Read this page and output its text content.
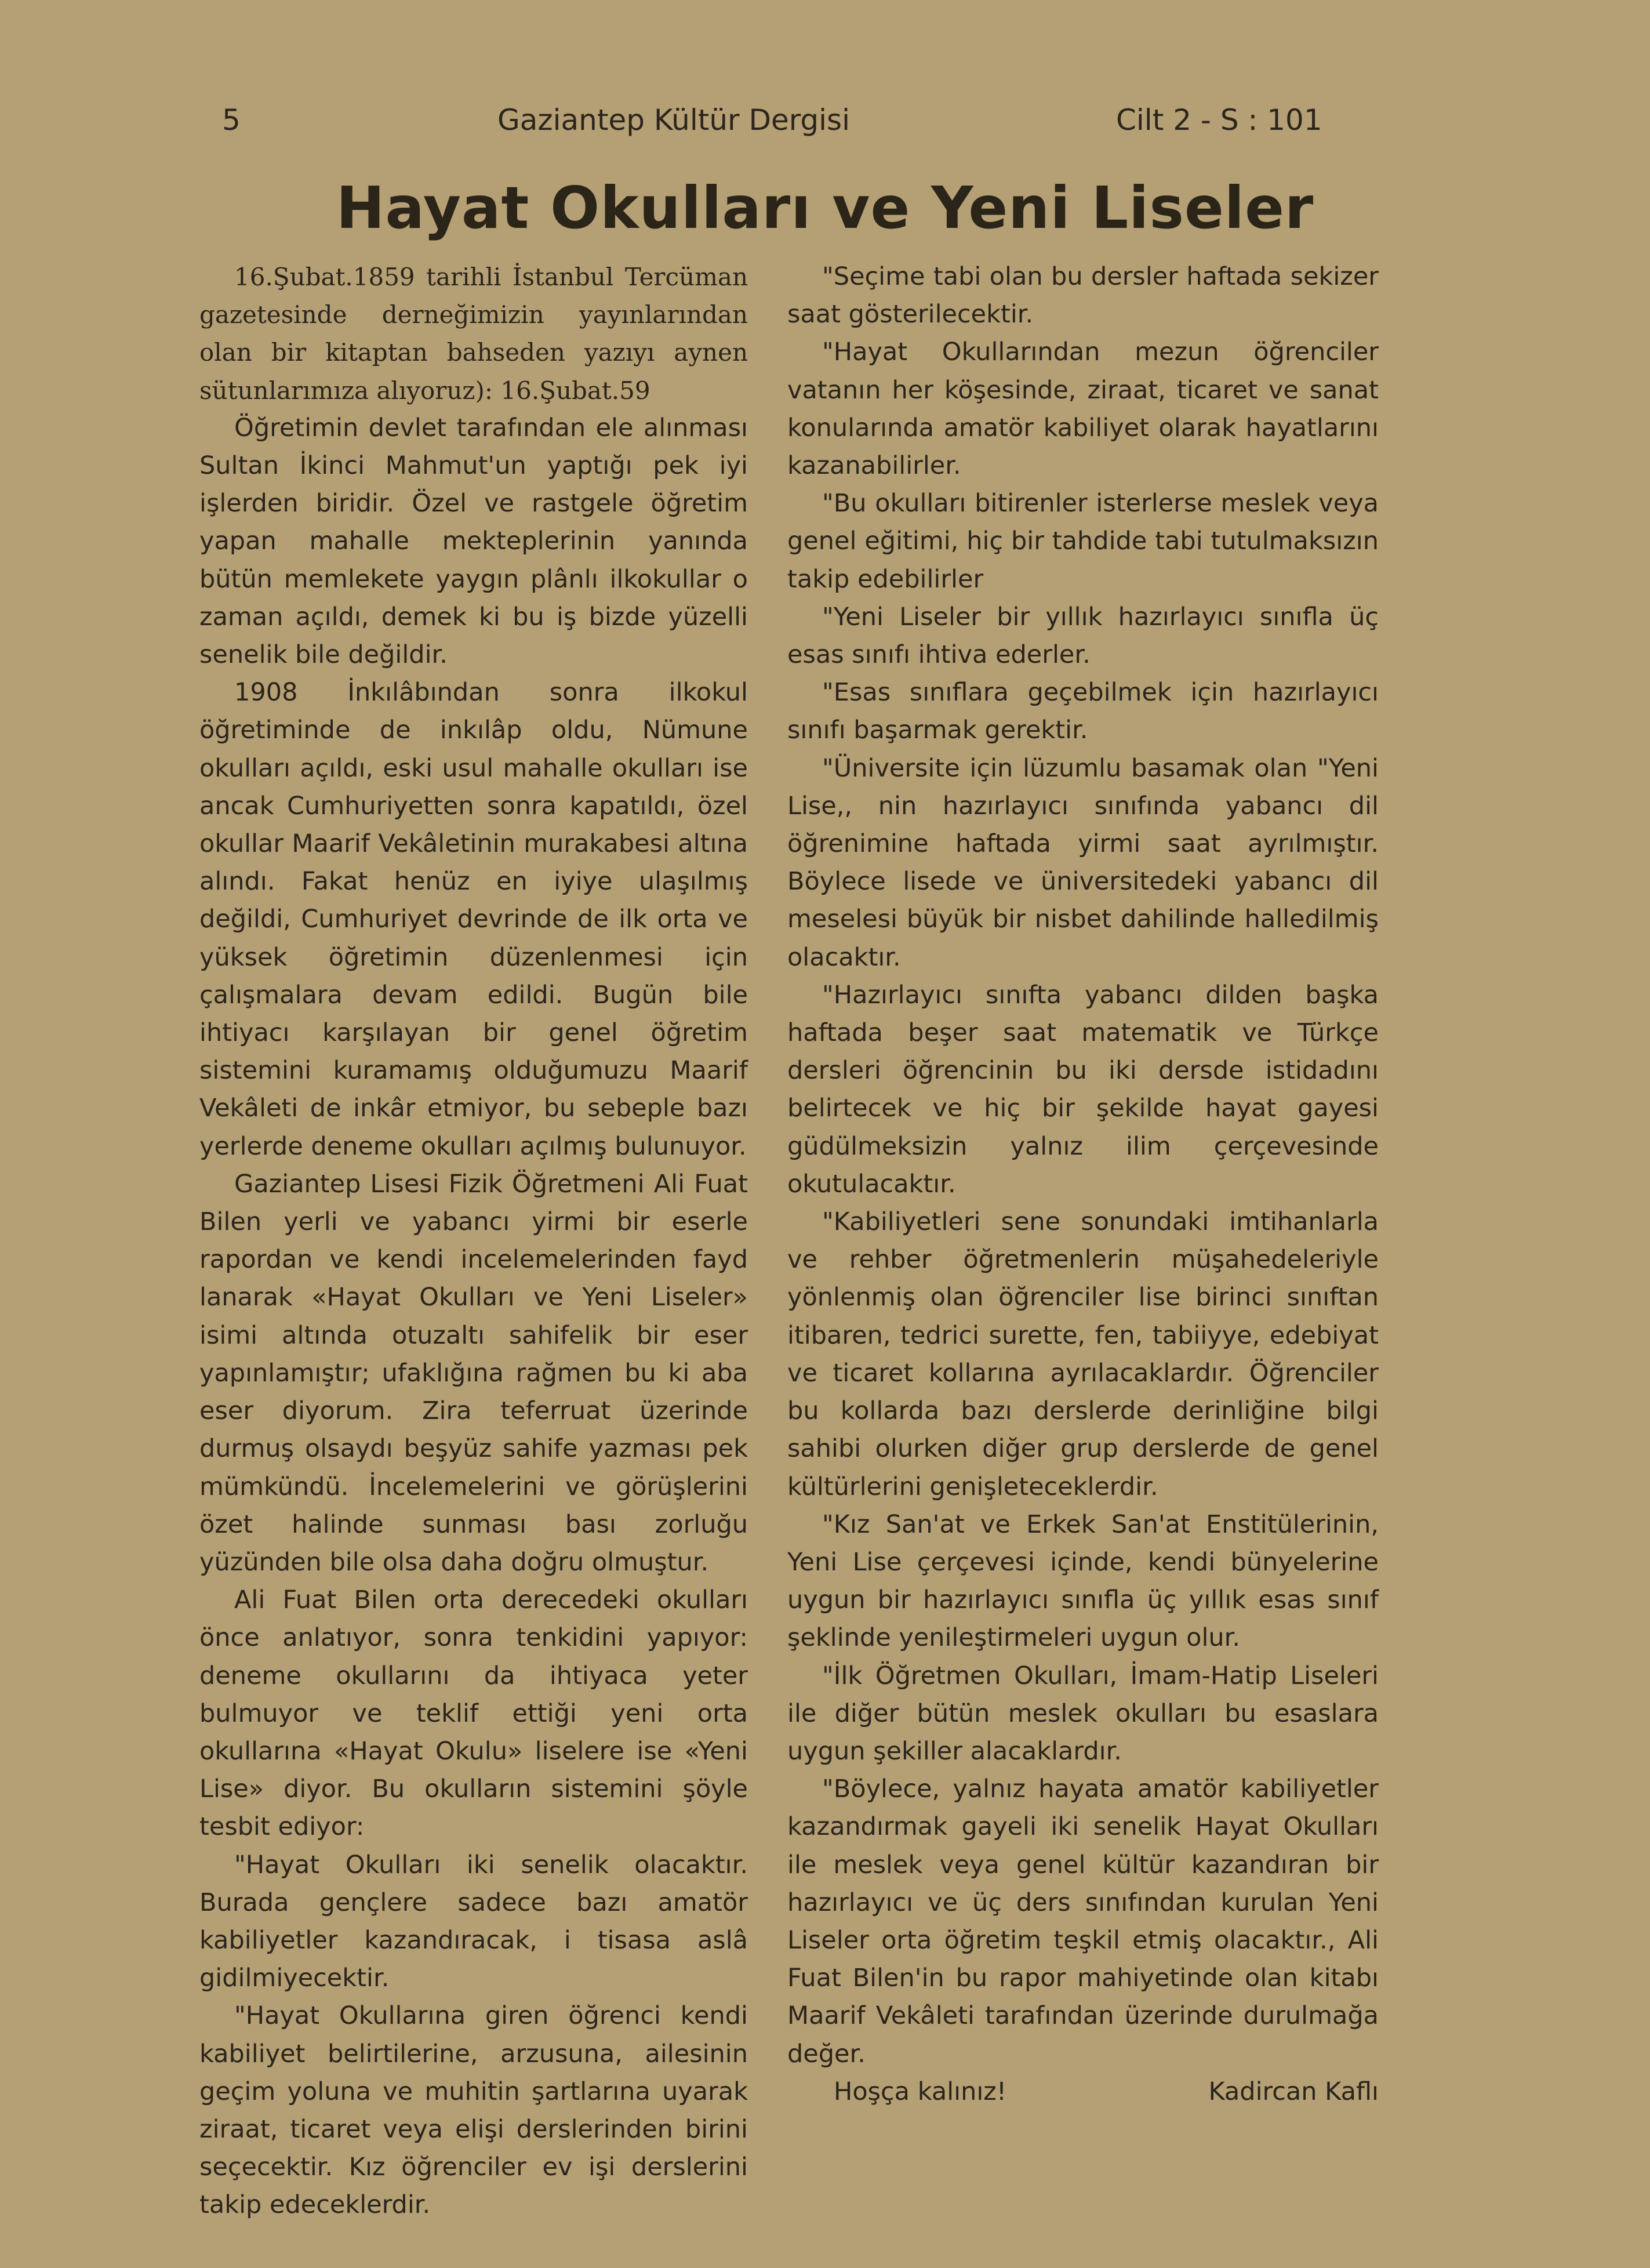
5	Gaziantep Kültür Dergisi	Cilt 2 - S : 101
Hayat Okulları ve Yeni Liseler

16.Şubat.1859 tarihli İstanbul Tercüman gazetesinde derneğimizin yayınlarından olan bir kitaptan bahseden yazıyı aynen sütunlarımıza alıyoruz): 16.Şubat.59

Öğretimin devlet tarafından ele alınması Sultan İkinci Mahmut'un yaptığı pek iyi işlerden biridir. Özel ve rastgele öğretim yapan mahalle mekteplerinin yanında bütün memlekete yaygın plânlı ilkokullar o zaman açıldı, demek ki bu iş bizde yüzelli senelik bile değildir.

1908 İnkılâbından sonra ilkokul öğretiminde de inkılâp oldu, Nümune okulları açıldı, eski usul mahalle okulları ise ancak Cumhuriyetten sonra kapatıldı, özel okullar Maarif Vekâletinin murakabesi altına alındı. Fakat henüz en iyiye ulaşılmış değildi, Cumhuriyet devrinde de ilk orta ve yüksek öğretimin düzenlenmesi için çalışmalara devam edildi. Bugün bile ihtiyacı karşılayan bir genel öğretim sistemini kuramamış olduğumuzu Maarif Vekâleti de inkâr etmiyor, bu sebeple bazı yerlerde deneme okulları açılmış bulunuyor.

Gaziantep Lisesi Fizik Öğretmeni Ali Fuat Bilen yerli ve yabancı yirmi bir eserle rapordan ve kendi incelemelerinden fayd lanarak «Hayat Okulları ve Yeni Liseler» isimi altında otuzaltı sahifelik bir eser yapınlamıştır; ufaklığına rağmen bu ki aba eser diyorum. Zira teferruat üzerinde durmuş olsaydı beşyüz sahife yazması pek mümkündü. İncelemelerini ve görüşlerini özet halinde sunması bası zorluğu yüzünden bile olsa daha doğru olmuştur.

Ali Fuat Bilen orta derecedeki okulları önce anlatıyor, sonra tenkidini yapıyor: deneme okullarını da ihtiyaca yeter bulmuyor ve teklif ettiği yeni orta okullarına «Hayat Okulu» liselere ise «Yeni Lise» diyor. Bu okulların sistemini şöyle tesbit ediyor:

"Hayat Okulları iki senelik olacaktır. Burada gençlere sadece bazı amatör kabiliyetler kazandıracak, i tisasa aslâ gidilmiyecektir.

"Hayat Okullarına giren öğrenci kendi kabiliyet belirtilerine, arzusuna, ailesinin geçim yoluna ve muhitin şartlarına uyarak ziraat, ticaret veya elişi derslerinden birini seçecektir. Kız öğrenciler ev işi derslerini takip edeceklerdir.

"Seçime tabi olan bu dersler haftada sekizer saat gösterilecektir.

"Hayat Okullarından mezun öğrenciler vatanın her köşesinde, ziraat, ticaret ve sanat konularında amatör kabiliyet olarak hayatlarını kazanabilirler.

"Bu okulları bitirenler isterlerse meslek veya genel eğitimi, hiç bir tahdide tabi tutulmaksızın takip edebilirler

"Yeni Liseler bir yıllık hazırlayıcı sınıfla üç esas sınıfı ihtiva ederler.

"Esas sınıflara geçebilmek için hazırlayıcı sınıfı başarmak gerektir.

"Üniversite için lüzumlu basamak olan "Yeni Lise,, nin hazırlayıcı sınıfında yabancı dil öğrenimine haftada yirmi saat ayrılmıştır. Böylece lisede ve üniversitedeki yabancı dil meselesi büyük bir nisbet dahilinde halledilmiş olacaktır.

"Hazırlayıcı sınıfta yabancı dilden başka haftada beşer saat matematik ve Türkçe dersleri öğrencinin bu iki dersde istidadını belirtecek ve hiç bir şekilde hayat gayesi güdülmeksizin yalnız ilim çerçevesinde okutulacaktır.

"Kabiliyetleri sene sonundaki imtihanlarla ve rehber öğretmenlerin müşahedeleriyle yönlenmiş olan öğrenciler lise birinci sınıftan itibaren, tedrici surette, fen, tabiiyye, edebiyat ve ticaret kollarına ayrılacaklardır. Öğrenciler bu kollarda bazı derslerde derinliğine bilgi sahibi olurken diğer grup derslerde de genel kültürlerini genişleteceklerdir.

"Kız San'at ve Erkek San'at Enstitülerinin, Yeni Lise çerçevesi içinde, kendi bünyelerine uygun bir hazırlayıcı sınıfla üç yıllık esas sınıf şeklinde yenileştirmeleri uygun olur.

"İlk Öğretmen Okulları, İmam-Hatip Liseleri ile diğer bütün meslek okulları bu esaslara uygun şekiller alacaklardır.

"Böylece, yalnız hayata amatör kabiliyetler kazandırmak gayeli iki senelik Hayat Okulları ile meslek veya genel kültür kazandıran bir hazırlayıcı ve üç ders sınıfından kurulan Yeni Liseler orta öğretim teşkil etmiş olacaktır., Ali Fuat Bilen'in bu rapor mahiyetinde olan kitabı Maarif Vekâleti tarafından üzerinde durulmağa değer.

Hoşça kalınız!	Kadircan Kaflı
